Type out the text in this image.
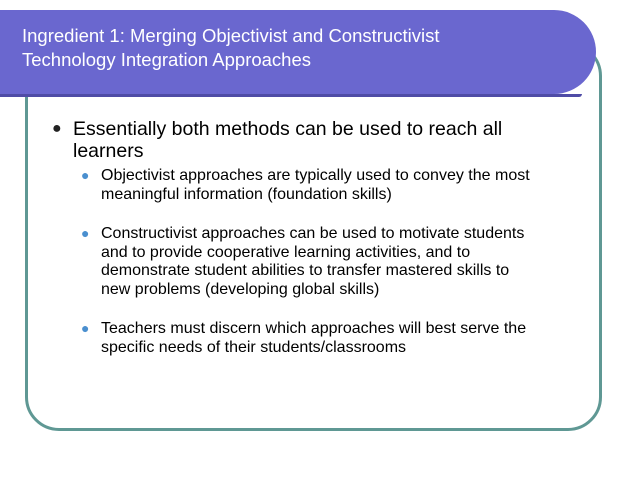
Ingredient 1: Merging Objectivist and Constructivist
Technology Integration Approaches
● Essentially both methods can be used to reach all
learners
● Objectivist approaches are typically used to convey the most
meaningful information (foundation skills)
● Constructivist approaches can be used to motivate students
and to provide cooperative learning activities, and to
demonstrate student abilities to transfer mastered skills to
new problems (developing global skills)
● Teachers must discern which approaches will best serve the
specific needs of their students/classrooms
